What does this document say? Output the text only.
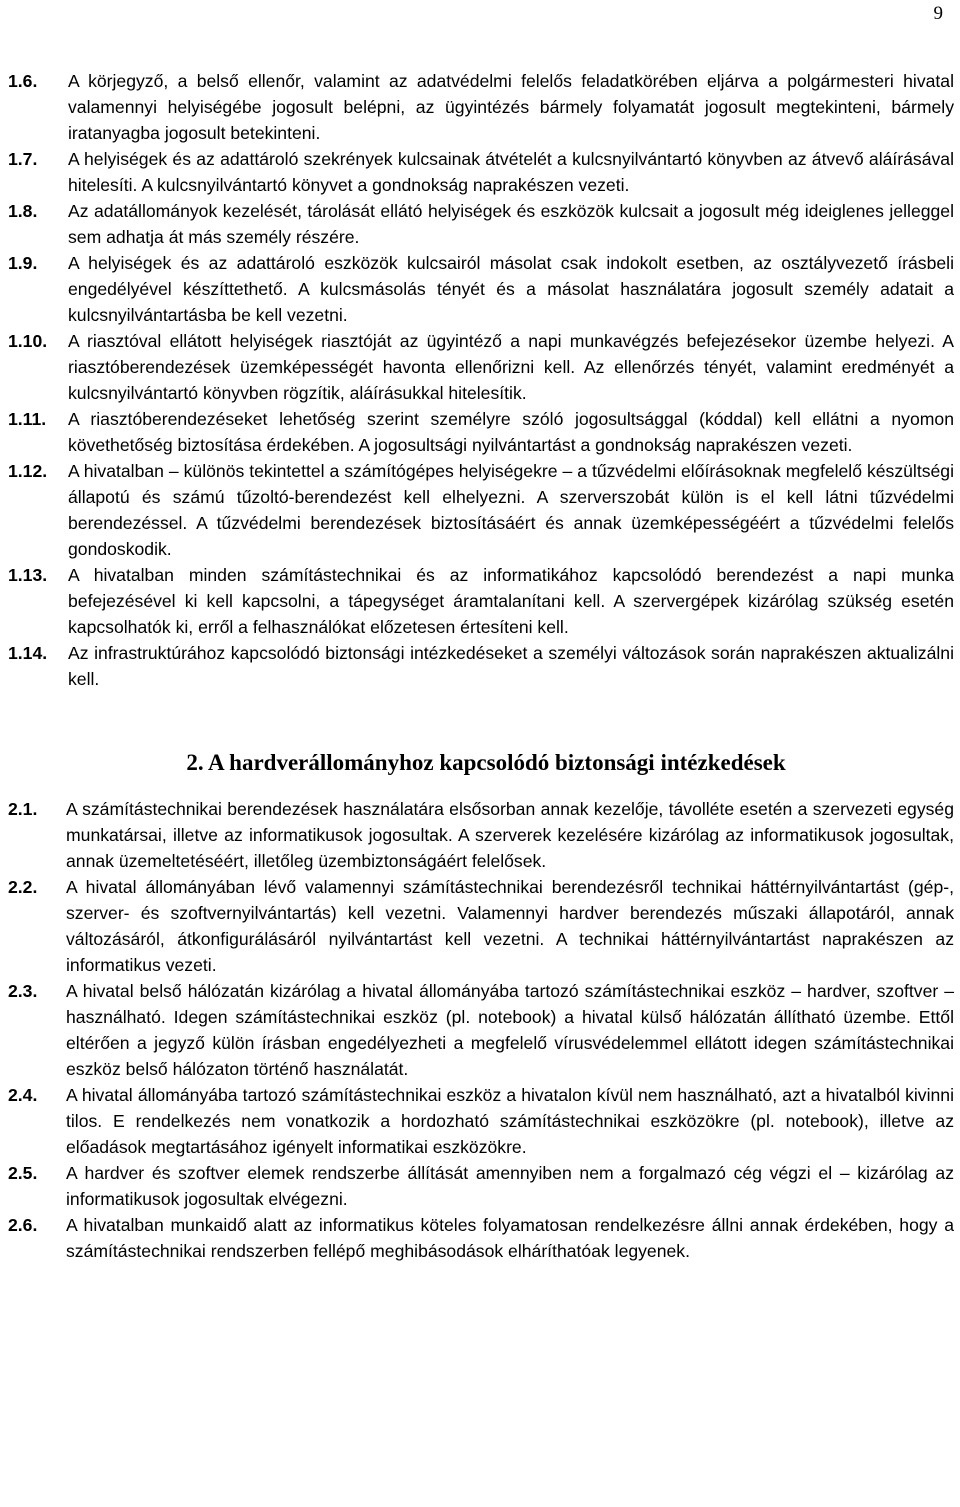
9
1.6.	A körjegyző, a belső ellenőr, valamint az adatvédelmi felelős feladatkörében eljárva a polgármesteri hivatal valamennyi helyiségébe jogosult belépni, az ügyintézés bármely folyamatát jogosult megtekinteni, bármely iratanyagba jogosult betekinteni.
1.7.	A helyiségek és az adattároló szekrények kulcsainak átvételét a kulcsnyilvántartó könyvben az átvevő aláírásával hitelesíti. A kulcsnyilvántartó könyvet a gondnokság naprakészen vezeti.
1.8.	Az adatállományok kezelését, tárolását ellátó helyiségek és eszközök kulcsait a jogosult még ideiglenes jelleggel sem adhatja át más személy részére.
1.9.	A helyiségek és az adattároló eszközök kulcsairól másolat csak indokolt esetben, az osztályvezető írásbeli engedélyével készíttethető. A kulcsmásolás tényét és a másolat használatára jogosult személy adatait a kulcsnyilvántartásba be kell vezetni.
1.10.	A riasztóval ellátott helyiségek riasztóját az ügyintéző a napi munkavégzés befejezésekor üzembe helyezi. A riasztóberendezések üzemképességét havonta ellenőrizni kell. Az ellenőrzés tényét, valamint eredményét a kulcsnyilvántartó könyvben rögzítik, aláírásukkal hitelesítik.
1.11.	A riasztóberendezéseket lehetőség szerint személyre szóló jogosultsággal (kóddal) kell ellátni a nyomon követhetőség biztosítása érdekében. A jogosultsági nyilvántartást a gondnokság naprakészen vezeti.
1.12.	A hivatalban – különös tekintettel a számítógépes helyiségekre – a tűzvédelmi előírásoknak megfelelő készültségi állapotú és számú tűzoltó-berendezést kell elhelyezni. A szerverszobát külön is el kell látni tűzvédelmi berendezéssel. A tűzvédelmi berendezések biztosításáért és annak üzemképességéért a tűzvédelmi felelős gondoskodik.
1.13.	A hivatalban minden számítástechnikai és az informatikához kapcsolódó berendezést a napi munka befejezésével ki kell kapcsolni, a tápegységet áramtalanítani kell. A szervergépek kizárólag szükség esetén kapcsolhatók ki, erről a felhasználókat előzetesen értesíteni kell.
1.14.	Az infrastruktúrához kapcsolódó biztonsági intézkedéseket a személyi változások során naprakészen aktualizálni kell.
2. A hardverállományhoz kapcsolódó biztonsági intézkedések
2.1.	A számítástechnikai berendezések használatára elsősorban annak kezelője, távolléte esetén a szervezeti egység munkatársai, illetve az informatikusok jogosultak. A szerverek kezelésére kizárólag az informatikusok jogosultak, annak üzemeltetéséért, illetőleg üzembiztonságáért felelősek.
2.2.	A hivatal állományában lévő valamennyi számítástechnikai berendezésről technikai háttérnyilvántartást (gép-, szerver- és szoftvernyilvántartás) kell vezetni. Valamennyi hardver berendezés műszaki állapotáról, annak változásáról, átkonfigurálásáról nyilvántartást kell vezetni. A technikai háttérnyilvántartást naprakészen az informatikus vezeti.
2.3.	A hivatal belső hálózatán kizárólag a hivatal állományába tartozó számítástechnikai eszköz – hardver, szoftver – használható. Idegen számítástechnikai eszköz (pl. notebook) a hivatal külső hálózatán állítható üzembe. Ettől eltérően a jegyző külön írásban engedélyezheti a megfelelő vírusvédelemmel ellátott idegen számítástechnikai eszköz belső hálózaton történő használatát.
2.4.	A hivatal állományába tartozó számítástechnikai eszköz a hivatalon kívül nem használható, azt a hivatalból kivinni tilos. E rendelkezés nem vonatkozik a hordozható számítástechnikai eszközökre (pl. notebook), illetve az előadások megtartásához igényelt informatikai eszközökre.
2.5.	A hardver és szoftver elemek rendszerbe állítását amennyiben nem a forgalmazó cég végzi el – kizárólag az informatikusok jogosultak elvégezni.
2.6.	A hivatalban munkaidő alatt az informatikus köteles folyamatosan rendelkezésre állni annak érdekében, hogy a számítástechnikai rendszerben fellépő meghibásodások elháríthatóak legyenek.
